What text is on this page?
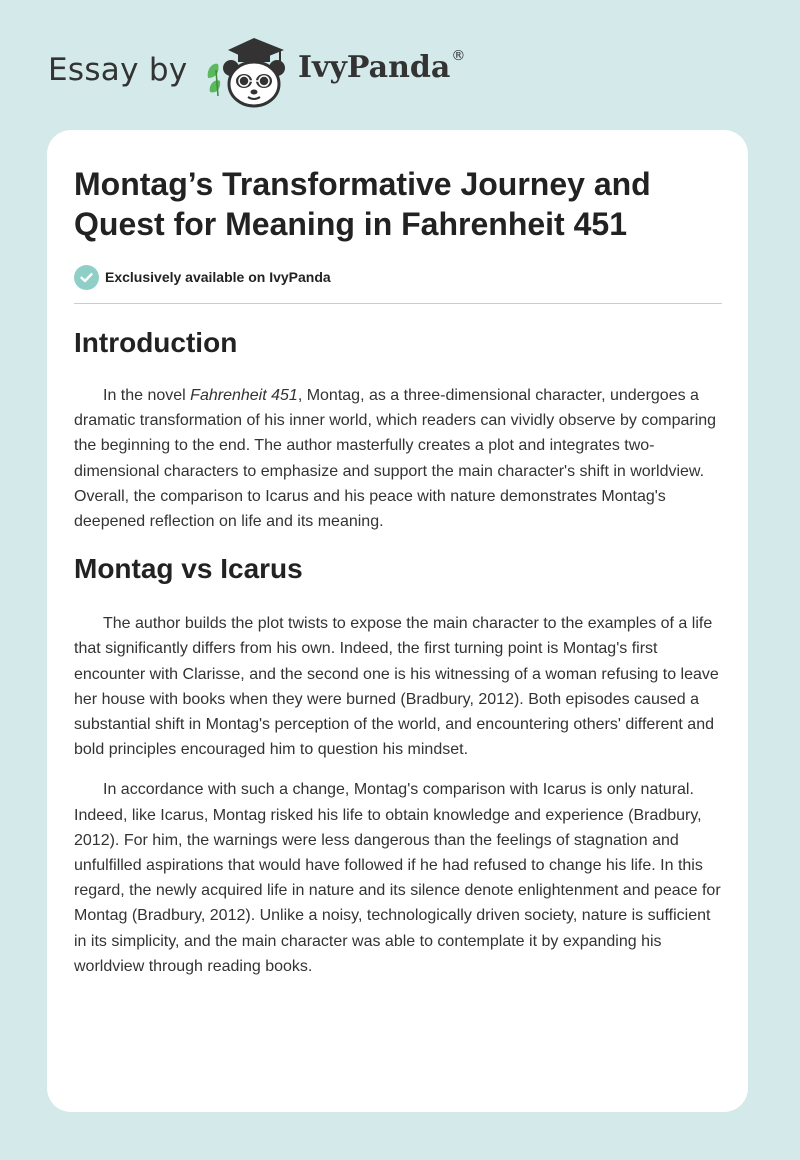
Essay by	IvyPanda®
Montag’s Transformative Journey and Quest for Meaning in Fahrenheit 451
Exclusively available on IvyPanda
Introduction

In the novel Fahrenheit 451, Montag, as a three-dimensional character, undergoes a dramatic transformation of his inner world, which readers can vividly observe by comparing the beginning to the end. The author masterfully creates a plot and integrates two-dimensional characters to emphasize and support the main character's shift in worldview. Overall, the comparison to Icarus and his peace with nature demonstrates Montag's deepened reflection on life and its meaning.

Montag vs Icarus

The author builds the plot twists to expose the main character to the examples of a life that significantly differs from his own. Indeed, the first turning point is Montag's first encounter with Clarisse, and the second one is his witnessing of a woman refusing to leave her house with books when they were burned (Bradbury, 2012). Both episodes caused a substantial shift in Montag's perception of the world, and encountering others' different and bold principles encouraged him to question his mindset.

In accordance with such a change, Montag's comparison with Icarus is only natural. Indeed, like Icarus, Montag risked his life to obtain knowledge and experience (Bradbury, 2012). For him, the warnings were less dangerous than the feelings of stagnation and unfulfilled aspirations that would have followed if he had refused to change his life. In this regard, the newly acquired life in nature and its silence denote enlightenment and peace for Montag (Bradbury, 2012). Unlike a noisy, technologically driven society, nature is sufficient in its simplicity, and the main character was able to contemplate it by expanding his worldview through reading books.
